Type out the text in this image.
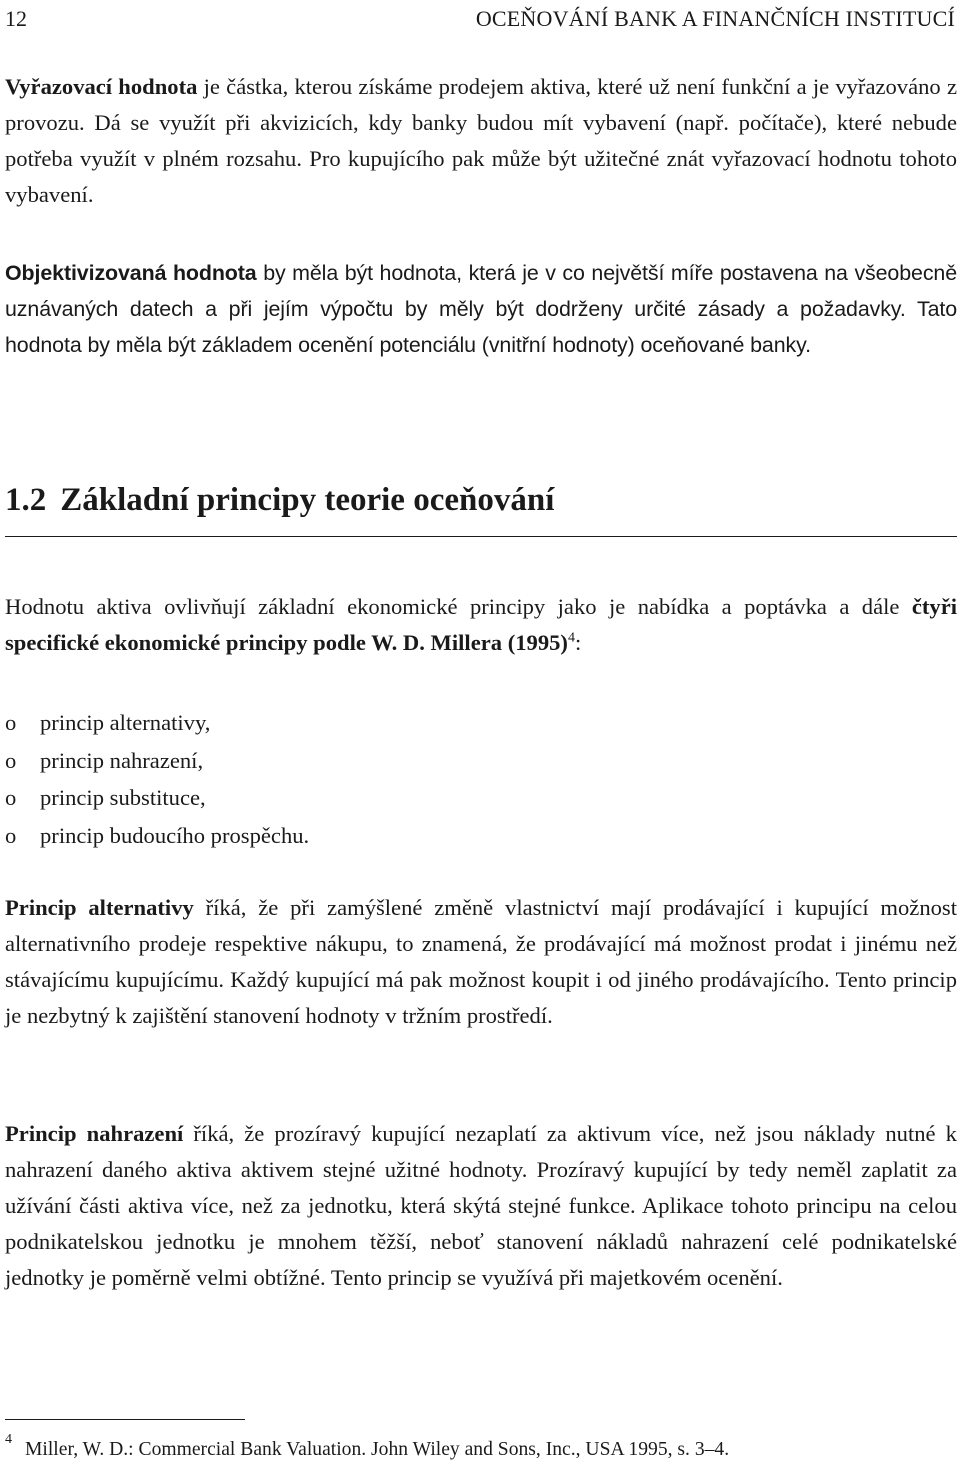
12	OCEŇOVÁNÍ BANK A FINANČNÍCH INSTITUCÍ

Vyřazovací hodnota je částka, kterou získáme prodejem aktiva, které už není funkční a je vyřazováno z provozu. Dá se využít při akvizicích, kdy banky budou mít vybavení (např. počítače), které nebude potřeba využít v plném rozsahu. Pro kupujícího pak může být užitečné znát vyřazovací hodnotu tohoto vybavení.

Objektivizovaná hodnota by měla být hodnota, která je v co největší míře postavena na všeobecně uznávaných datech a při jejím výpočtu by měly být dodrženy určité zásady a požadavky. Tato hodnota by měla být základem ocenění potenciálu (vnitřní hodnoty) oceňované banky.

1.2 Základní principy teorie oceňování

Hodnotu aktiva ovlivňují základní ekonomické principy jako je nabídka a poptávka a dále čtyři specifické ekonomické principy podle W. D. Millera (1995)$^4$:

o princip alternativy,
o princip nahrazení,
o princip substituce,
o princip budoucího prospěchu.

Princip alternativy říká, že při zamýšlené změně vlastnictví mají prodávající i kupující možnost alternativního prodeje respektive nákupu, to znamená, že prodávající má možnost prodat i jinému než stávajícímu kupujícímu. Každý kupující má pak možnost koupit i od jiného prodávajícího. Tento princip je nezbytný k zajištění stanovení hodnoty v tržním prostředí.

Princip nahrazení říká, že prozíravý kupující nezaplatí za aktivum více, než jsou náklady nutné k nahrazení daného aktiva aktivem stejné užitné hodnoty. Prozíravý kupující by tedy neměl zaplatit za užívání části aktiva více, než za jednotku, která skýtá stejné funkce. Aplikace tohoto principu na celou podnikatelskou jednotku je mnohem těžší, neboť stanovení nákladů nahrazení celé podnikatelské jednotky je poměrně velmi obtížné. Tento princip se využívá při majetkovém ocenění.

4 Miller, W. D.: Commercial Bank Valuation. John Wiley and Sons, Inc., USA 1995, s. 3–4.
